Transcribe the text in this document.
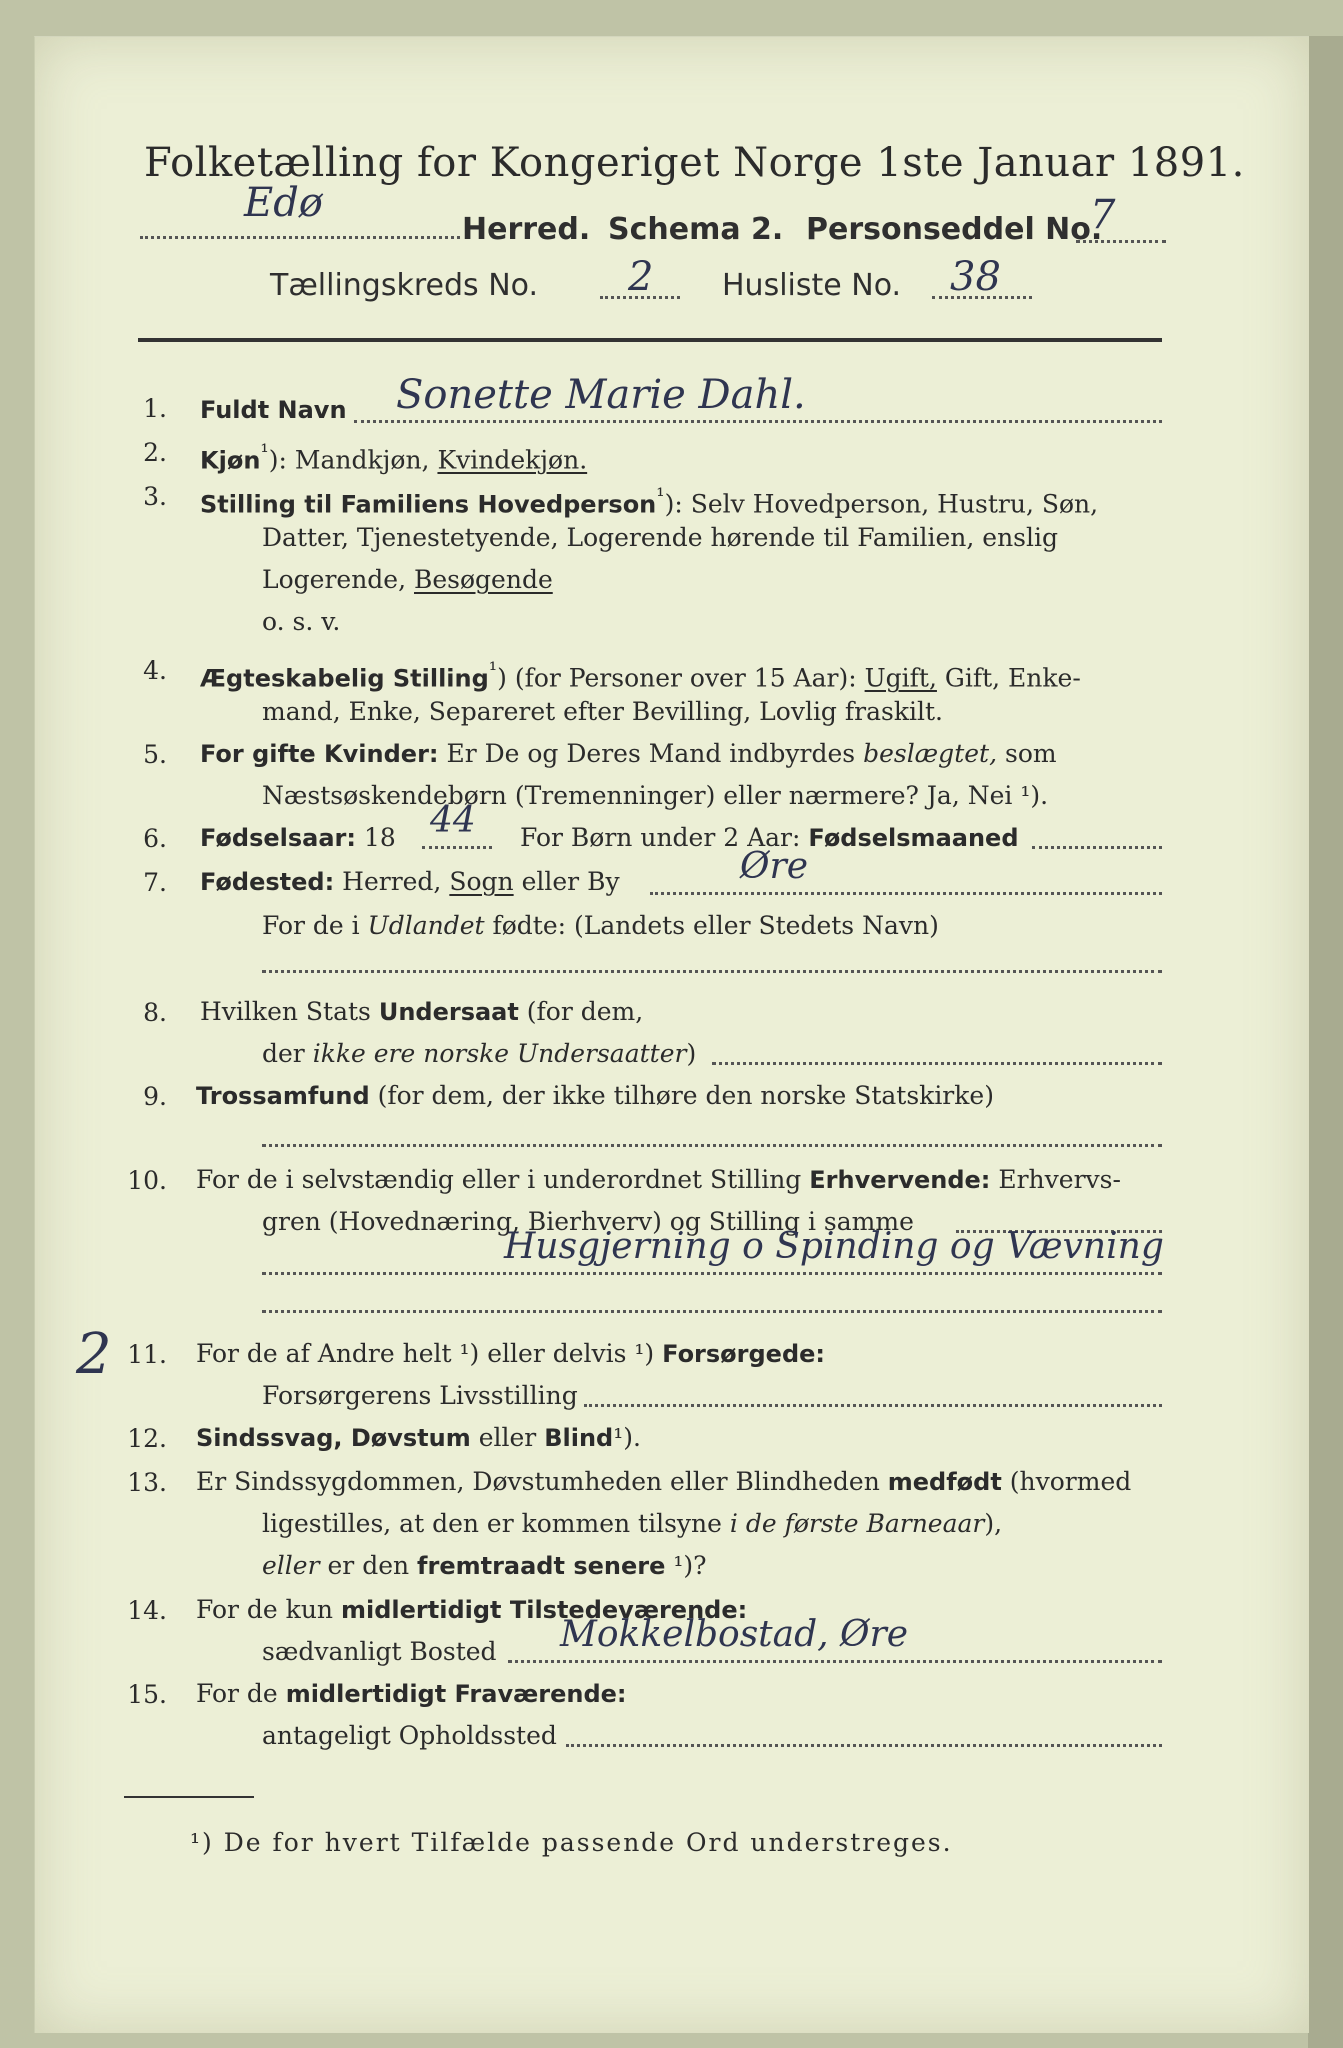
Folketælling for Kongeriget Norge 1ste Januar 1891.
Edø
Herred. Schema 2. Personseddel No.
7
Tællingskreds No. 2 Husliste No. 38
1. Fuldt Navn Sonette Marie Dahl.
2. Kjøn$^{^1}$): Mandkjøn, Kvindekjøn.
3. Stilling til Familiens Hovedperson$^{^1}$): Selv Hovedperson, Hustru, Søn,
Datter, Tjenestetyende, Logerende hørende til Familien, enslig
Logerende, Besøgende
o. s. v.
4. Ægteskabelig Stilling$^{^1}$) (for Personer over 15 Aar): Ugift, Gift, Enke-
mand, Enke, Separeret efter Bevilling, Lovlig fraskilt.
5. For gifte Kvinder: Er De og Deres Mand indbyrdes beslægtet, som
Næstsøskendebørn (Tremenninger) eller nærmere? Ja, Nei ¹).
6. Fødselsaar: 18 44 For Børn under 2 Aar: Fødselsmaaned
7. Fødested: Herred, Sogn eller By	Øre
For de i Udlandet fødte: (Landets eller Stedets Navn)
8. Hvilken Stats Undersaat (for dem,
der ikke ere norske Undersaatter)
9. Trossamfund (for dem, der ikke tilhøre den norske Statskirke)
10. For de i selvstændig eller i underordnet Stilling Erhvervende: Erhvervs-
gren (Hovednæring, Bierhverv) og Stilling i samme
Husgjerning o Spinding og Vævning
2 11. For de af Andre helt ¹) eller delvis ¹) Forsørgede:
Forsørgerens Livsstilling
12. Sindssvag, Døvstum eller Blind¹).
13. Er Sindssygdommen, Døvstumheden eller Blindheden medfødt (hvormed
ligestilles, at den er kommen tilsyne i de første Barneaar),
eller er den fremtraadt senere ¹)?
14. For de kun midlertidigt Tilstedeværende:
sædvanligt Bosted Mokkelbostad, Øre
15. For de midlertidigt Fraværende:
antageligt Opholdssted
¹) De for hvert Tilfælde passende Ord understreges.
